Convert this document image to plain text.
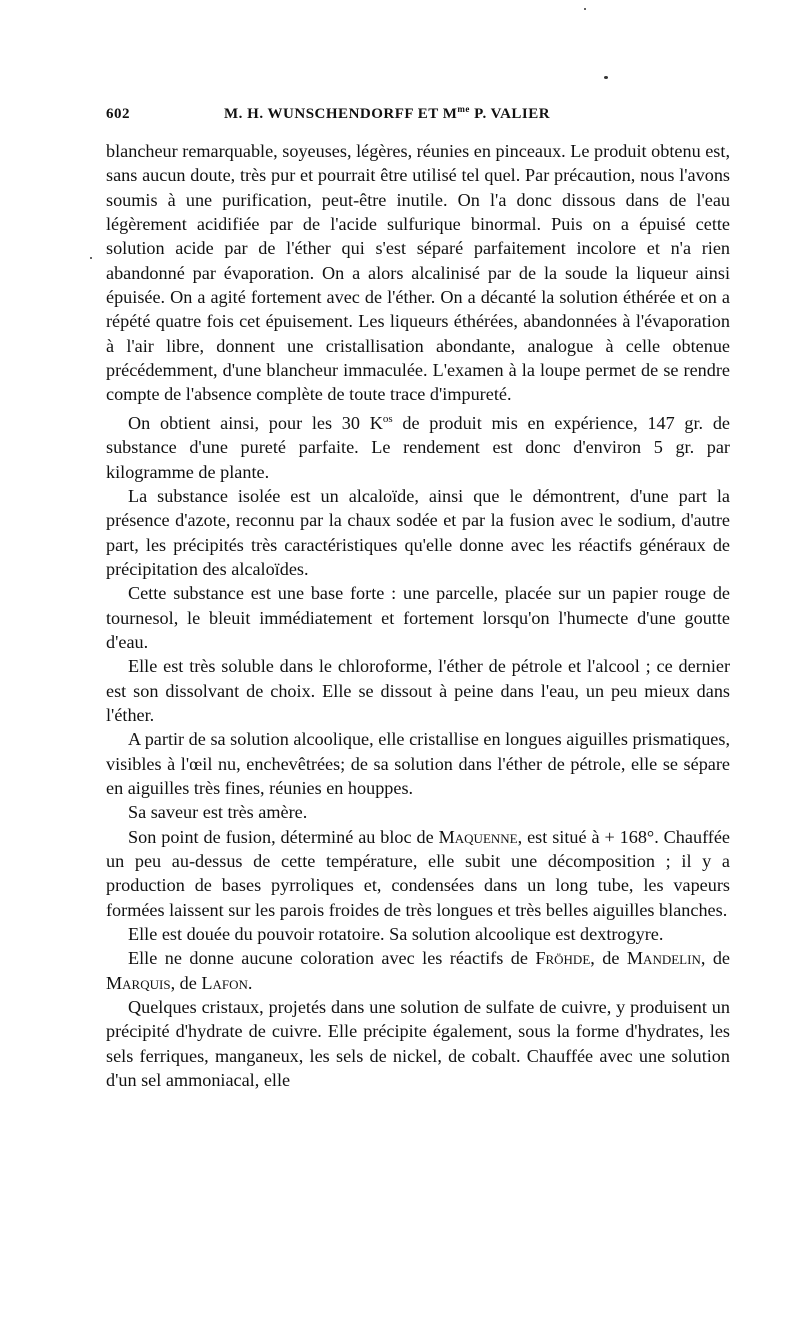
602	M. H. WUNSCHENDORFF ET $M^{me}$ P. VALIER

blancheur remarquable, soyeuses, légères, réunies en pinceaux. Le produit obtenu est, sans aucun doute, très pur et pourrait être utilisé tel quel. Par précaution, nous l'avons soumis à une purification, peut-être inutile. On l'a donc dissous dans de l'eau légèrement acidifiée par de l'acide sulfurique binormal. Puis on a épuisé cette solution acide par de l'éther qui s'est séparé parfaitement incolore et n'a rien abandonné par évaporation. On a alors alcalinisé par de la soude la liqueur ainsi épuisée. On a agité fortement avec de l'éther. On a décanté la solution éthérée et on a répété quatre fois cet épuisement. Les liqueurs éthérées, abandonnées à l'évaporation à l'air libre, donnent une cristallisation abondante, analogue à celle obtenue précédemment, d'une blancheur immaculée. L'examen à la loupe permet de se rendre compte de l'absence complète de toute trace d'impureté.

On obtient ainsi, pour les 30 $K^{os}$ de produit mis en expérience, 147 gr. de substance d'une pureté parfaite. Le rendement est donc d'environ 5 gr. par kilogramme de plante.

La substance isolée est un alcaloïde, ainsi que le démontrent, d'une part la présence d'azote, reconnu par la chaux sodée et par la fusion avec le sodium, d'autre part, les précipités très caractéristiques qu'elle donne avec les réactifs généraux de précipitation des alcaloïdes.

Cette substance est une base forte : une parcelle, placée sur un papier rouge de tournesol, le bleuit immédiatement et fortement lorsqu'on l'humecte d'une goutte d'eau.

Elle est très soluble dans le chloroforme, l'éther de pétrole et l'alcool ; ce dernier est son dissolvant de choix. Elle se dissout à peine dans l'eau, un peu mieux dans l'éther.

A partir de sa solution alcoolique, elle cristallise en longues aiguilles prismatiques, visibles à l'œil nu, enchevêtrées; de sa solution dans l'éther de pétrole, elle se sépare en aiguilles très fines, réunies en houppes.

Sa saveur est très amère.

Son point de fusion, déterminé au bloc de Maquenne, est situé à + 168°. Chauffée un peu au-dessus de cette température, elle subit une décomposition ; il y a production de bases pyrroliques et, condensées dans un long tube, les vapeurs formées laissent sur les parois froides de très longues et très belles aiguilles blanches.

Elle est douée du pouvoir rotatoire. Sa solution alcoolique est dextrogyre.

Elle ne donne aucune coloration avec les réactifs de Fröhde, de Mandelin, de Marquis, de Lafon.

Quelques cristaux, projetés dans une solution de sulfate de cuivre, y produisent un précipité d'hydrate de cuivre. Elle précipite également, sous la forme d'hydrates, les sels ferriques, manganeux, les sels de nickel, de cobalt. Chauffée avec une solution d'un sel ammoniacal, elle
